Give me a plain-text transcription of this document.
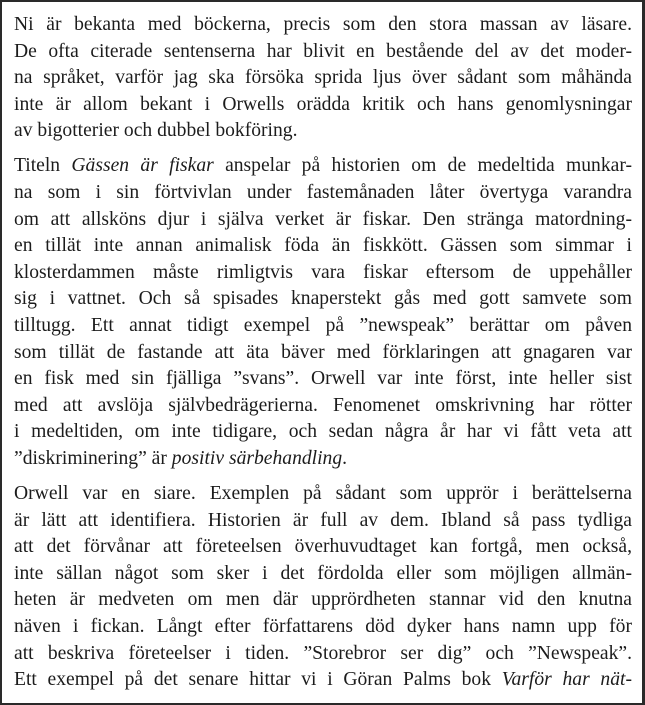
Ni är bekanta med böckerna, precis som den stora massan av läsare.
De ofta citerade sentenserna har blivit en bestående del av det moder-
na språket, varför jag ska försöka sprida ljus över sådant som måhända
inte är allom bekant i Orwells orädda kritik och hans genomlysningar
av bigotterier och dubbel bokföring.
Titeln Gässen är fiskar anspelar på historien om de medeltida munkar-
na som i sin förtvivlan under fastemånaden låter övertyga varandra
om att allsköns djur i själva verket är fiskar. Den stränga matordning-
en tillät inte annan animalisk föda än fiskkött. Gässen som simmar i
klosterdammen måste rimligtvis vara fiskar eftersom de uppehåller
sig i vattnet. Och så spisades knaperstekt gås med gott samvete som
tilltugg. Ett annat tidigt exempel på ”newspeak” berättar om påven
som tillät de fastande att äta bäver med förklaringen att gnagaren var
en fisk med sin fjälliga ”svans”. Orwell var inte först, inte heller sist
med att avslöja självbedrägerierna. Fenomenet omskrivning har rötter
i medeltiden, om inte tidigare, och sedan några år har vi fått veta att
”diskriminering” är positiv särbehandling.
Orwell var en siare. Exemplen på sådant som upprör i berättelserna
är lätt att identifiera. Historien är full av dem. Ibland så pass tydliga
att det förvånar att företeelsen överhuvudtaget kan fortgå, men också,
inte sällan något som sker i det fördolda eller som möjligen allmän-
heten är medveten om men där upprördheten stannar vid den knutna
näven i fickan. Långt efter författarens död dyker hans namn upp för
att beskriva företeelser i tiden. ”Storebror ser dig” och ”Newspeak”.
Ett exempel på det senare hittar vi i Göran Palms bok Varför har nät-
